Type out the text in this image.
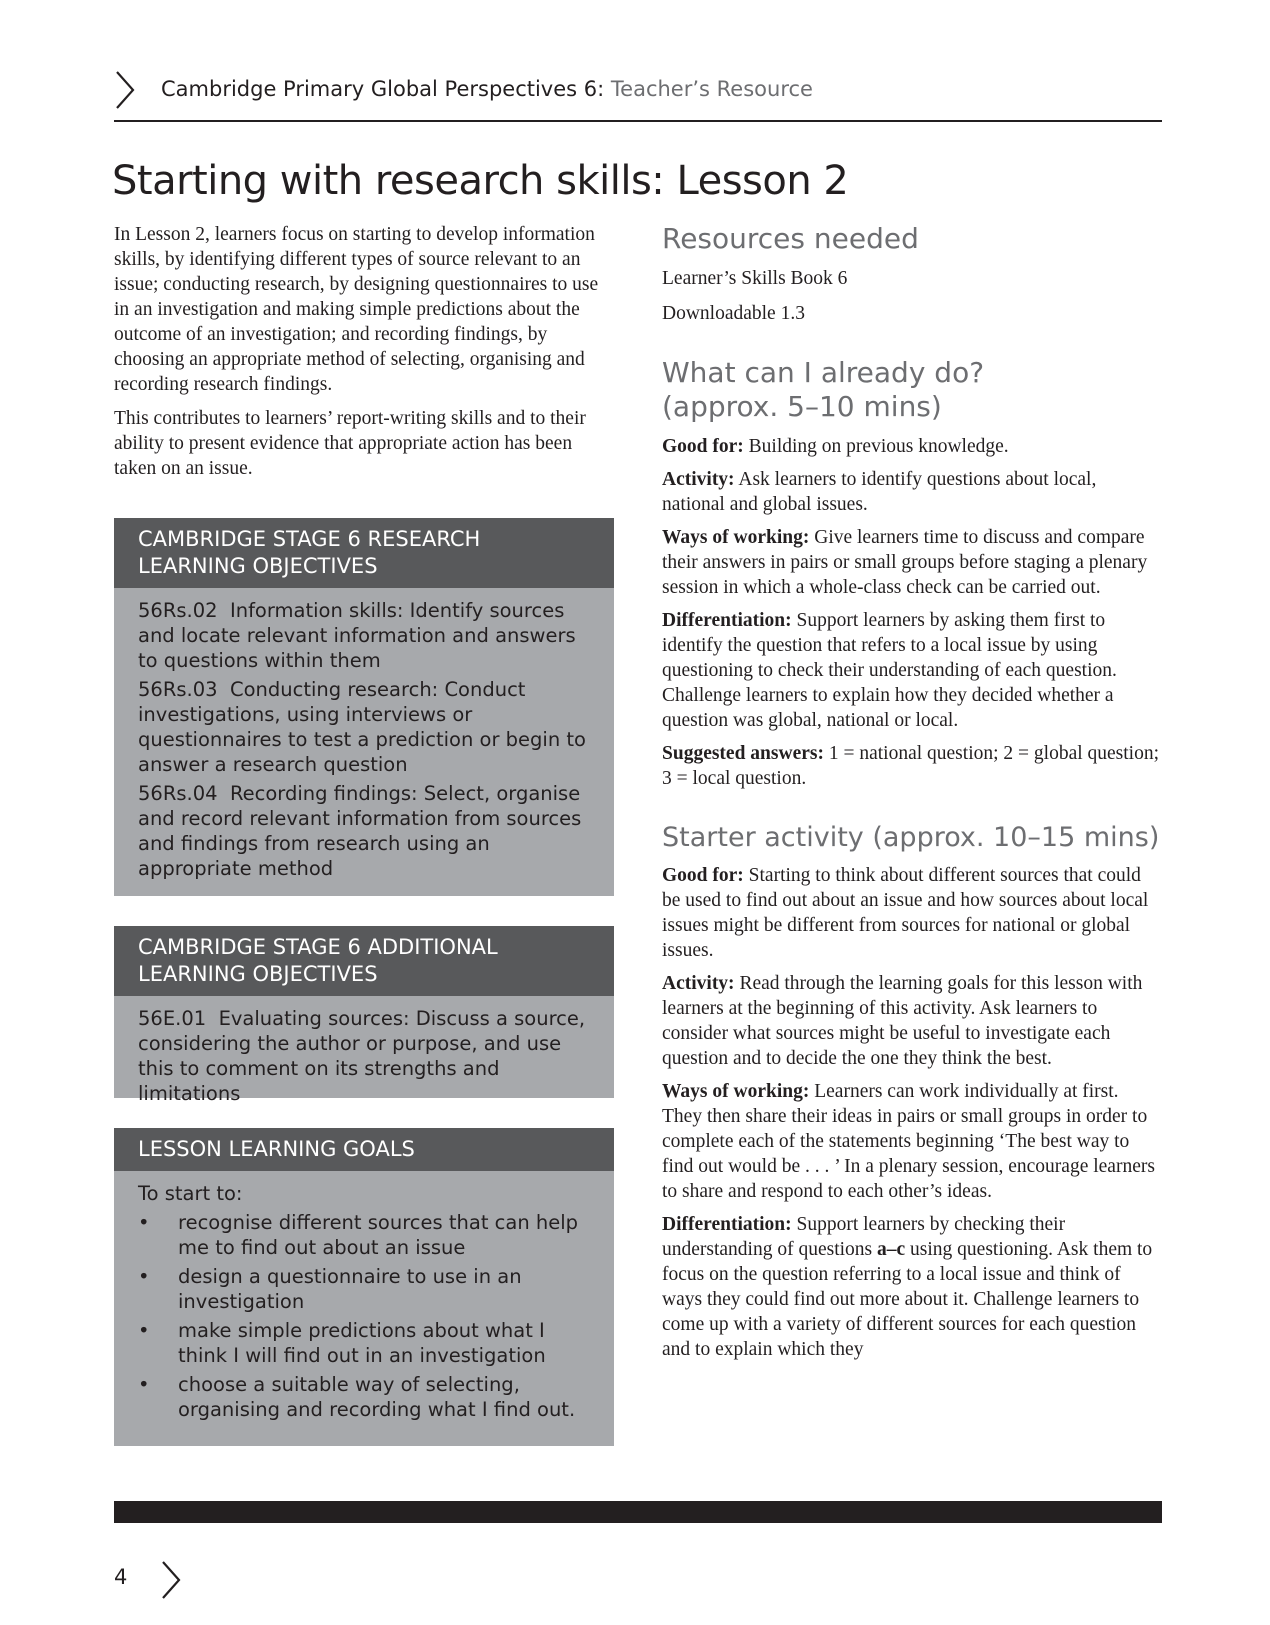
Cambridge Primary Global Perspectives 6: Teacher’s Resource
Starting with research skills: Lesson 2

In Lesson 2, learners focus on starting to develop information skills, by identifying different types of source relevant to an issue; conducting research, by designing questionnaires to use in an investigation and making simple predictions about the outcome of an investigation; and recording findings, by choosing an appropriate method of selecting, organising and recording research findings.

This contributes to learners’ report-writing skills and to their ability to present evidence that appropriate action has been taken on an issue.

CAMBRIDGE STAGE 6 RESEARCH LEARNING OBJECTIVES

56Rs.02 Information skills: Identify sources and locate relevant information and answers to questions within them

56Rs.03 Conducting research: Conduct investigations, using interviews or questionnaires to test a prediction or begin to answer a research question

56Rs.04 Recording findings: Select, organise and record relevant information from sources and findings from research using an appropriate method

CAMBRIDGE STAGE 6 ADDITIONAL LEARNING OBJECTIVES

56E.01 Evaluating sources: Discuss a source, considering the author or purpose, and use this to comment on its strengths and limitations

LESSON LEARNING GOALS

To start to:

• recognise different sources that can help me to find out about an issue
• design a questionnaire to use in an investigation
• make simple predictions about what I think I will find out in an investigation
• choose a suitable way of selecting, organising and recording what I find out.
Resources needed

Learner’s Skills Book 6

Downloadable 1.3

What can I already do? (approx. 5–10 mins)

Good for: Building on previous knowledge.

Activity: Ask learners to identify questions about local, national and global issues.

Ways of working: Give learners time to discuss and compare their answers in pairs or small groups before staging a plenary session in which a whole-class check can be carried out.

Differentiation: Support learners by asking them first to identify the question that refers to a local issue by using questioning to check their understanding of each question. Challenge learners to explain how they decided whether a question was global, national or local.

Suggested answers: 1 = national question; 2 = global question; 3 = local question.

Starter activity (approx. 10–15 mins)

Good for: Starting to think about different sources that could be used to find out about an issue and how sources about local issues might be different from sources for national or global issues.

Activity: Read through the learning goals for this lesson with learners at the beginning of this activity. Ask learners to consider what sources might be useful to investigate each question and to decide the one they think the best.

Ways of working: Learners can work individually at first. They then share their ideas in pairs or small groups in order to complete each of the statements beginning ‘The best way to find out would be . . . ’ In a plenary session, encourage learners to share and respond to each other’s ideas.

Differentiation: Support learners by checking their understanding of questions a–c using questioning. Ask them to focus on the question referring to a local issue and think of ways they could find out more about it. Challenge learners to come up with a variety of different sources for each question and to explain which they

4
